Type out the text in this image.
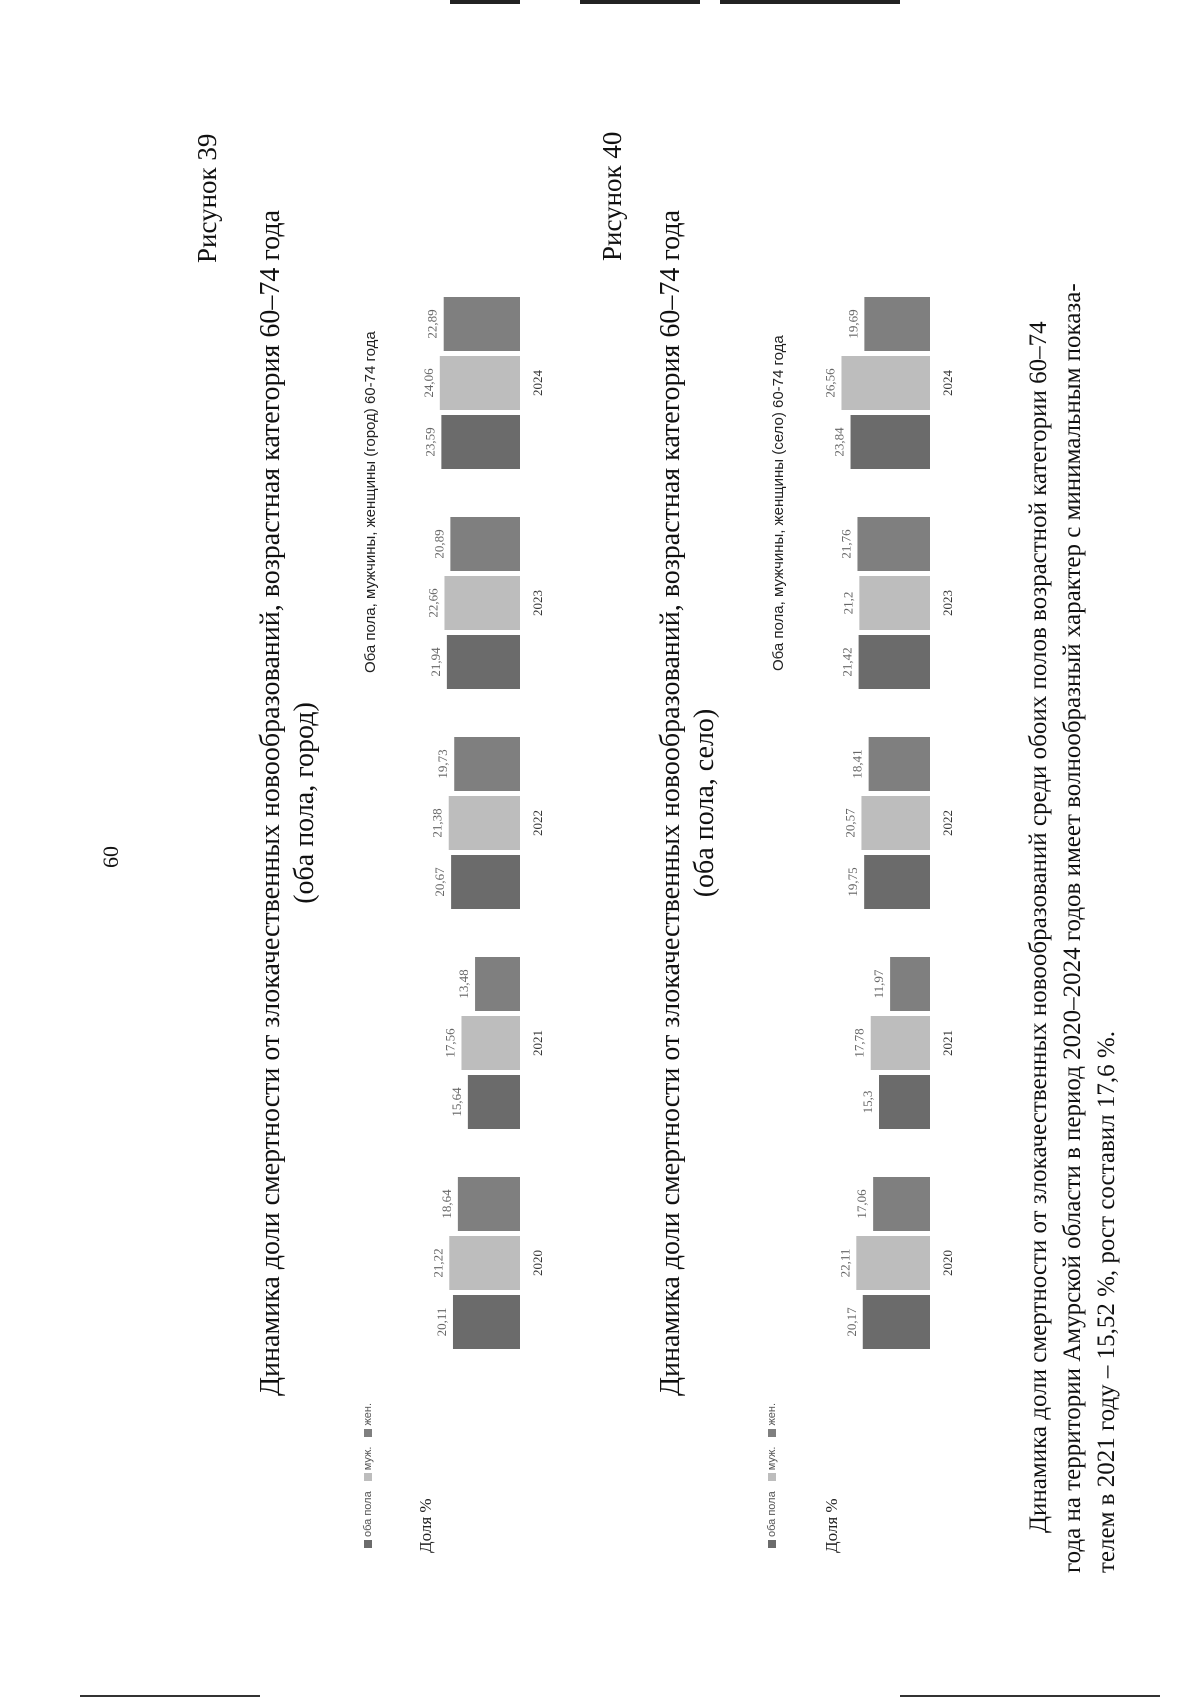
60
Рисунок 39
Динамика доли смертности от злокачественных новообразований, возрастная категория 60–74 года (оба пола, город)
оба пола
муж.
жен.
Оба пола, мужчины, женщины (город) 60-74 года
Доля %
20,11
21,22
18,64
2020
15,64
17,56
13,48
2021
20,67
21,38
19,73
2022
21,94
22,66
20,89
2023
23,59
24,06
22,89
2024
Рисунок 40
Динамика доли смертности от злокачественных новообразований, возрастная категория 60–74 года (оба пола, село)
оба пола
муж.
жен.
Оба пола, мужчины, женщины (село) 60-74 года
Доля %
20,17
22,11
17,06
2020
15,3
17,78
11,97
2021
19,75
20,57
18,41
2022
21,42
21,2
21,76
2023
23,84
26,56
19,69
2024	Динамика доли смертности от злокачественных новообразований среди обоих полов возрастной категории 60–74 года на территории Амурской области в период 2020–2024 годов имеет волнообразный характер с минимальным показа- телем в 2021 году – 15,52 %, рост составил 17,6 %.
